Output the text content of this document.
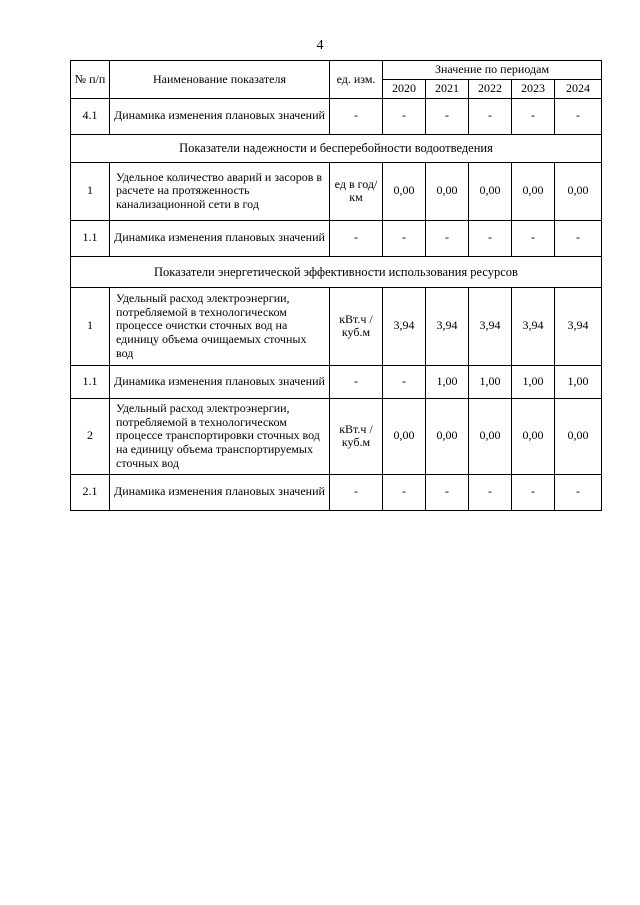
4
№ п/п	Наименование показателя	ед. изм.	Значение по периодам				
			2020	2021	2022	2023	2024
4.1	Динамика изменения плановых значений	-	-	-	-	-	-
Показатели надежности и бесперебойности водоотведения							
1	Удельное количество аварий и засоров в расчете на протяженность канализационной сети в год	ед в год/ км	0,00	0,00	0,00	0,00	0,00
1.1	Динамика изменения плановых значений	-	-	-	-	-	-
Показатели энергетической эффективности использования ресурсов							
1	Удельный расход электроэнергии, потребляемой в технологическом процессе очистки сточных вод на единицу объема очищаемых сточных вод	кВт.ч / куб.м	3,94	3,94	3,94	3,94	3,94
1.1	Динамика изменения плановых значений	-	-	1,00	1,00	1,00	1,00
2	Удельный расход электроэнергии, потребляемой в технологическом процессе транспортировки сточных вод на единицу объема транспортируемых сточных вод	кВт.ч / куб.м	0,00	0,00	0,00	0,00	0,00
2.1	Динамика изменения плановых значений	-	-	-	-	-	-
